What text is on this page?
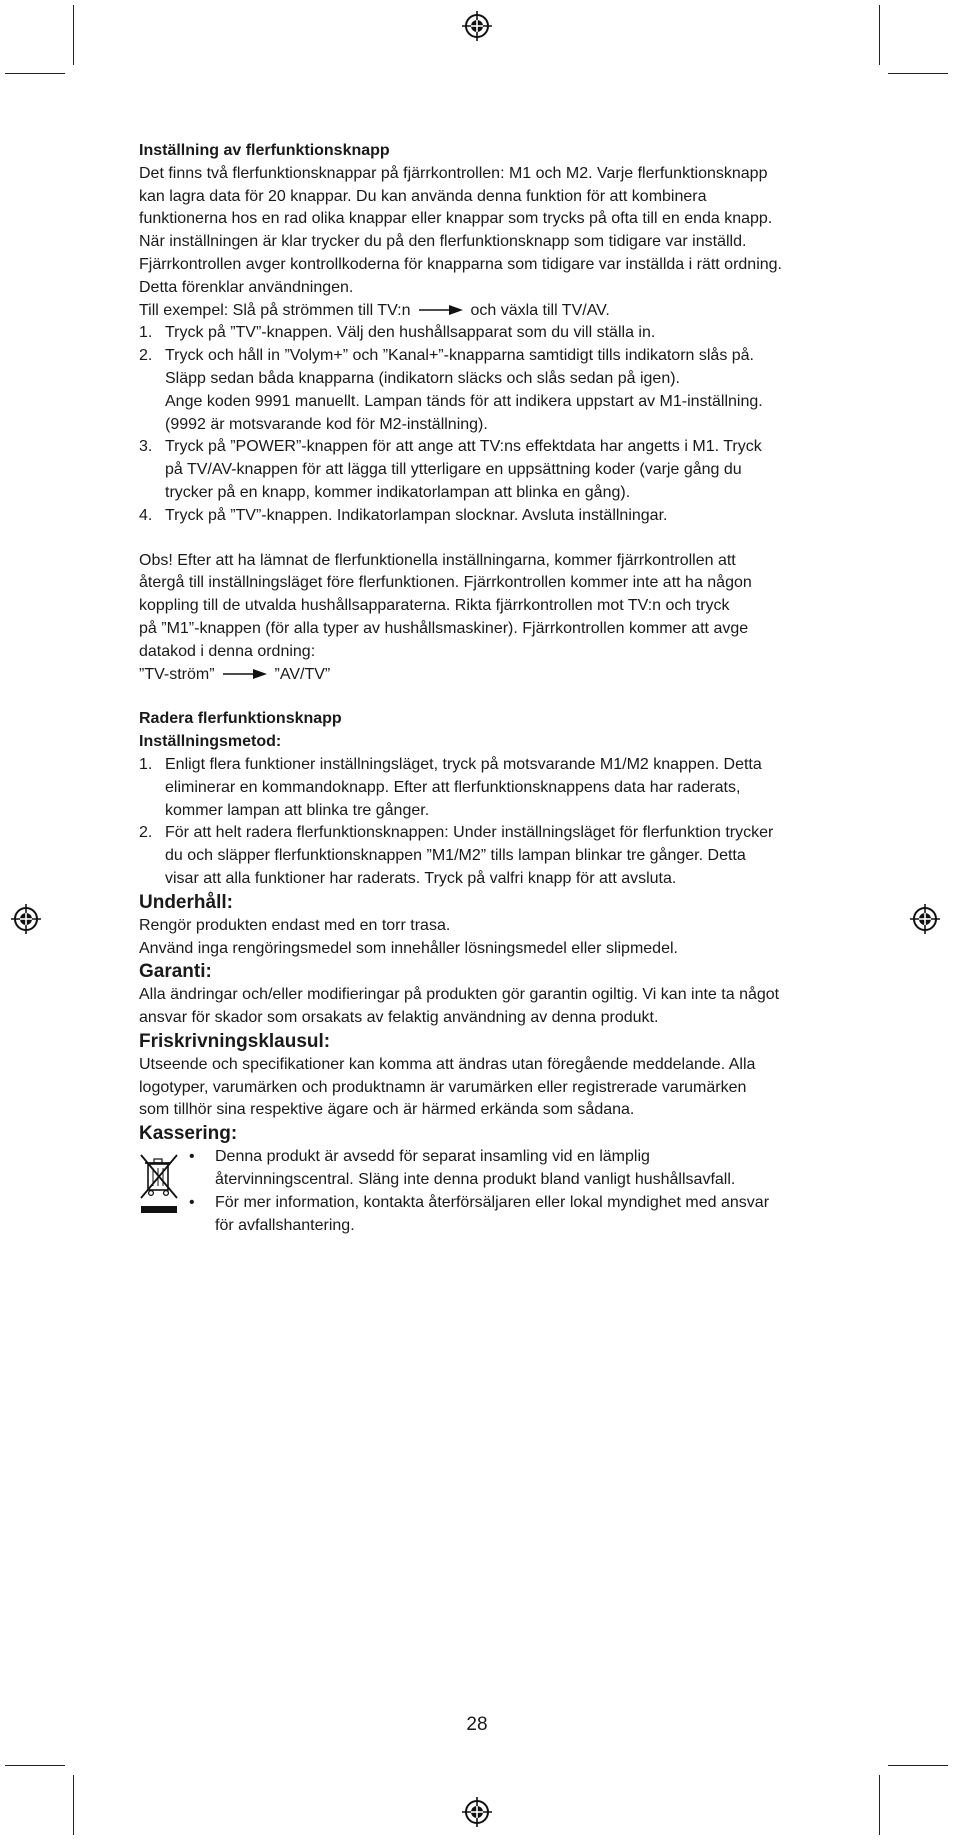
Inställning av flerfunktionsknapp

Det finns två flerfunktionsknappar på fjärrkontrollen: M1 och M2. Varje flerfunktionsknapp

kan lagra data för 20 knappar. Du kan använda denna funktion för att kombinera

funktionerna hos en rad olika knappar eller knappar som trycks på ofta till en enda knapp.

När inställningen är klar trycker du på den flerfunktionsknapp som tidigare var inställd.

Fjärrkontrollen avger kontrollkoderna för knapparna som tidigare var inställda i rätt ordning.

Detta förenklar användningen.

Till exempel: Slå på strömmen till TV:n	och växla till TV/AV.

1. Tryck på ”TV”-knappen. Välj den hushållsapparat som du vill ställa in.

2. Tryck och håll in ”Volym+” och ”Kanal+”-knapparna samtidigt tills indikatorn slås på.

Släpp sedan båda knapparna (indikatorn släcks och slås sedan på igen).

Ange koden 9991 manuellt. Lampan tänds för att indikera uppstart av M1-inställning.

(9992 är motsvarande kod för M2-inställning).

3. Tryck på ”POWER”-knappen för att ange att TV:ns effektdata har angetts i M1. Tryck

på TV/AV-knappen för att lägga till ytterligare en uppsättning koder (varje gång du

trycker på en knapp, kommer indikatorlampan att blinka en gång).

4. Tryck på ”TV”-knappen. Indikatorlampan slocknar. Avsluta inställningar.

Obs! Efter att ha lämnat de flerfunktionella inställningarna, kommer fjärrkontrollen att

återgå till inställningsläget före flerfunktionen. Fjärrkontrollen kommer inte att ha någon

koppling till de utvalda hushållsapparaterna. Rikta fjärrkontrollen mot TV:n och tryck

på ”M1”-knappen (för alla typer av hushållsmaskiner). Fjärrkontrollen kommer att avge

datakod i denna ordning:

”TV-ström”	”AV/TV”

Radera flerfunktionsknapp

Inställningsmetod:

1. Enligt flera funktioner inställningsläget, tryck på motsvarande M1/M2 knappen. Detta

eliminerar en kommandoknapp. Efter att flerfunktionsknappens data har raderats,

kommer lampan att blinka tre gånger.

2. För att helt radera flerfunktionsknappen: Under inställningsläget för flerfunktion trycker

du och släpper flerfunktionsknappen ”M1/M2” tills lampan blinkar tre gånger. Detta

visar att alla funktioner har raderats. Tryck på valfri knapp för att avsluta.

Underhåll:

Rengör produkten endast med en torr trasa.

Använd inga rengöringsmedel som innehåller lösningsmedel eller slipmedel.

Garanti:

Alla ändringar och/eller modifieringar på produkten gör garantin ogiltig. Vi kan inte ta något

ansvar för skador som orsakats av felaktig användning av denna produkt.

Friskrivningsklausul:

Utseende och specifikationer kan komma att ändras utan föregående meddelande. Alla

logotyper, varumärken och produktnamn är varumärken eller registrerade varumärken

som tillhör sina respektive ägare och är härmed erkända som sådana.

Kassering:

• Denna produkt är avsedd för separat insamling vid en lämplig

återvinningscentral. Släng inte denna produkt bland vanligt hushållsavfall.

• För mer information, kontakta återförsäljaren eller lokal myndighet med ansvar

för avfallshantering.

28
